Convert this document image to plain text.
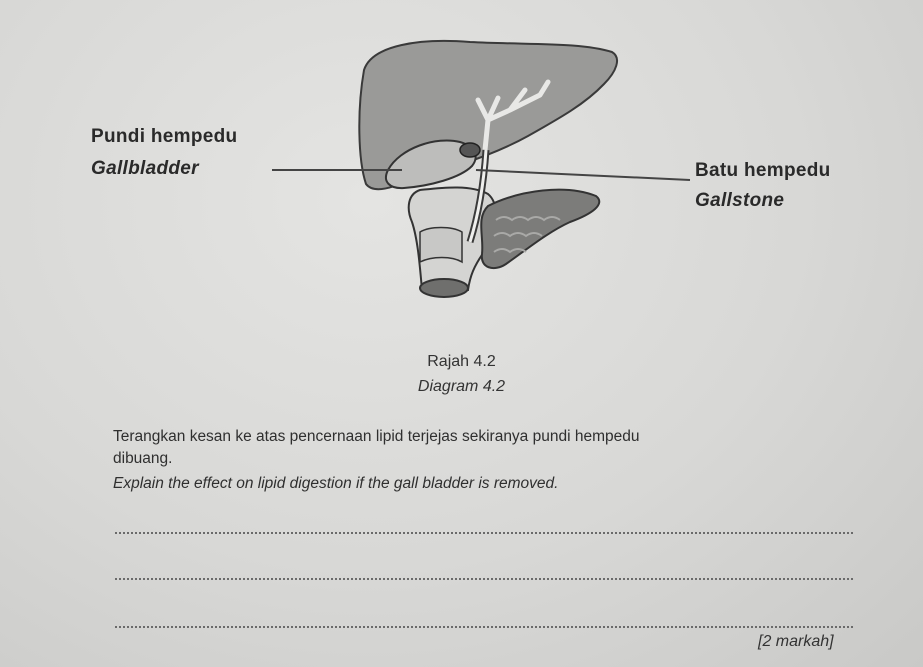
Pundi hempedu
Gallbladder	Batu hempedu
Gallstone
Rajah 4.2
Diagram 4.2
Terangkan kesan ke atas pencernaan lipid terjejas sekiranya pundi hempedu
dibuang.
Explain the effect on lipid digestion if the gall bladder is removed.
[2 markah]
